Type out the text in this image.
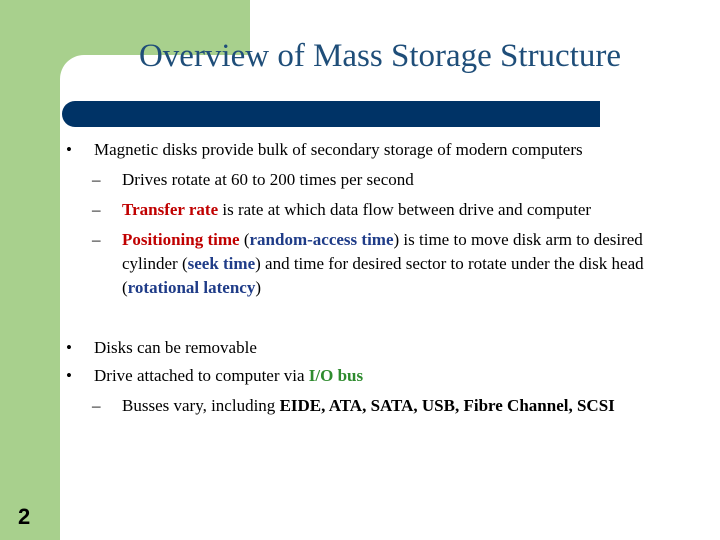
Overview of Mass Storage Structure
• Magnetic disks provide bulk of secondary storage of modern computers
– Drives rotate at 60 to 200 times per second
– Transfer rate is rate at which data flow between drive and computer
– Positioning time (random-access time) is time to move disk arm to desired cylinder (seek time) and time for desired sector to rotate under the disk head (rotational latency)
• Disks can be removable
• Drive attached to computer via I/O bus
– Busses vary, including EIDE, ATA, SATA, USB, Fibre Channel, SCSI
2
